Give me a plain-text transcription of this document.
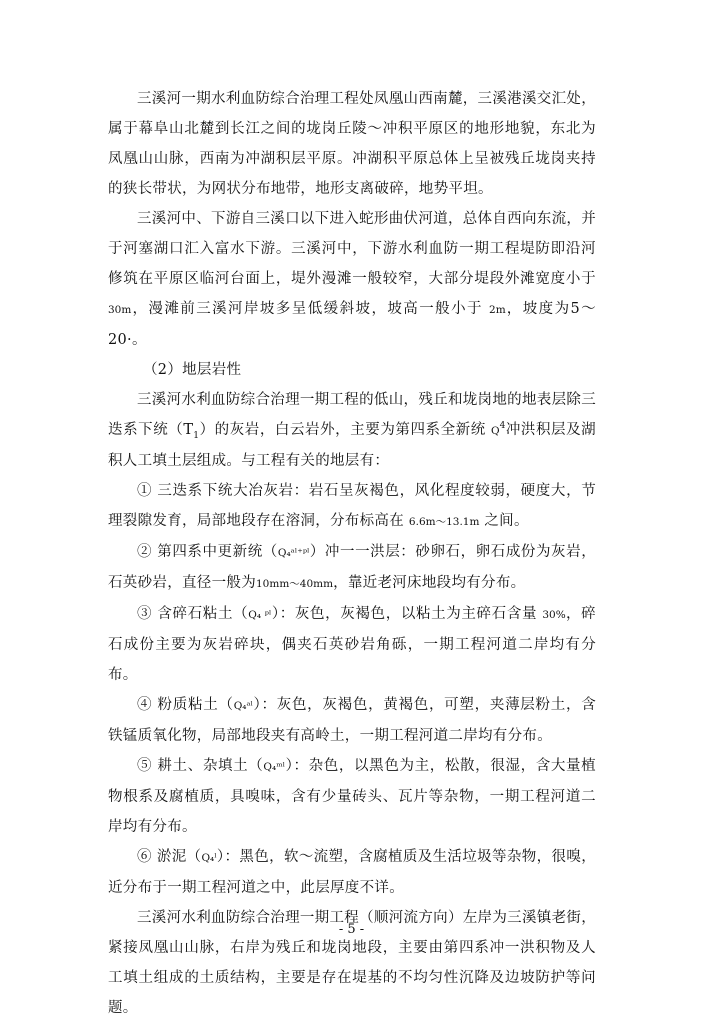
三溪河一期水利血防综合治理工程处凤凰山西南麓，三溪港溪交汇处，属于幕阜山北麓到长江之间的垅岗丘陵～冲积平原区的地形地貌，东北为凤凰山山脉，西南为冲湖积层平原。冲湖积平原总体上呈被残丘垅岗夹持的狭长带状，为网状分布地带，地形支离破碎，地势平坦。

三溪河中、下游自三溪口以下进入蛇形曲伏河道，总体自西向东流，并于河塞湖口汇入富水下游。三溪河中，下游水利血防一期工程堤防即沿河修筑在平原区临河台面上，堤外漫滩一般较窄，大部分堤段外滩宽度小于 30m，漫滩前三溪河岸坡多呈低缓斜坡，坡高一般小于 2m，坡度为5～20·。

（2）地层岩性

三溪河水利血防综合治理一期工程的低山，残丘和垅岗地的地表层除三迭系下统$(T_1)$的灰岩，白云岩外，主要为第四系全新统 $Q^4$冲洪积层及湖积人工填土层组成。与工程有关的地层有：

① 三迭系下统大冶灰岩：岩石呈灰褐色，风化程度较弱，硬度大，节理裂隙发育，局部地段存在溶洞，分布标高在 6.6m～13.1m 之间。

② 第四系中更新统（Q₄ᵃˡ⁺ᵖˡ）冲一一洪层：砂卵石，卵石成份为灰岩，石英砂岩，直径一般为10mm～40mm，靠近老河床地段均有分布。

③ 含碎石粘土（Q₄ ᵖˡ）：灰色，灰褐色，以粘土为主碎石含量 30%，碎石成份主要为灰岩碎块，偶夹石英砂岩角砾，一期工程河道二岸均有分布。

④ 粉质粘土（Q₄ᵃˡ）：灰色，灰褐色，黄褐色，可塑，夹薄层粉土，含铁锰质氧化物，局部地段夹有高岭土，一期工程河道二岸均有分布。

⑤ 耕土、杂填土（Q₄ᵐˡ）：杂色，以黑色为主，松散，很湿，含大量植物根系及腐植质，具嗅味，含有少量砖头、瓦片等杂物，一期工程河道二岸均有分布。

⑥ 淤泥（Q₄ˡ）：黑色，软～流塑，含腐植质及生活垃圾等杂物，很嗅，近分布于一期工程河道之中，此层厚度不详。

三溪河水利血防综合治理一期工程（顺河流方向）左岸为三溪镇老街，紧接凤凰山山脉，右岸为残丘和垅岗地段，主要由第四系冲一洪积物及人工填土组成的土质结构，主要是存在堤基的不均匀性沉降及边坡防护等问题。

- 5 -
